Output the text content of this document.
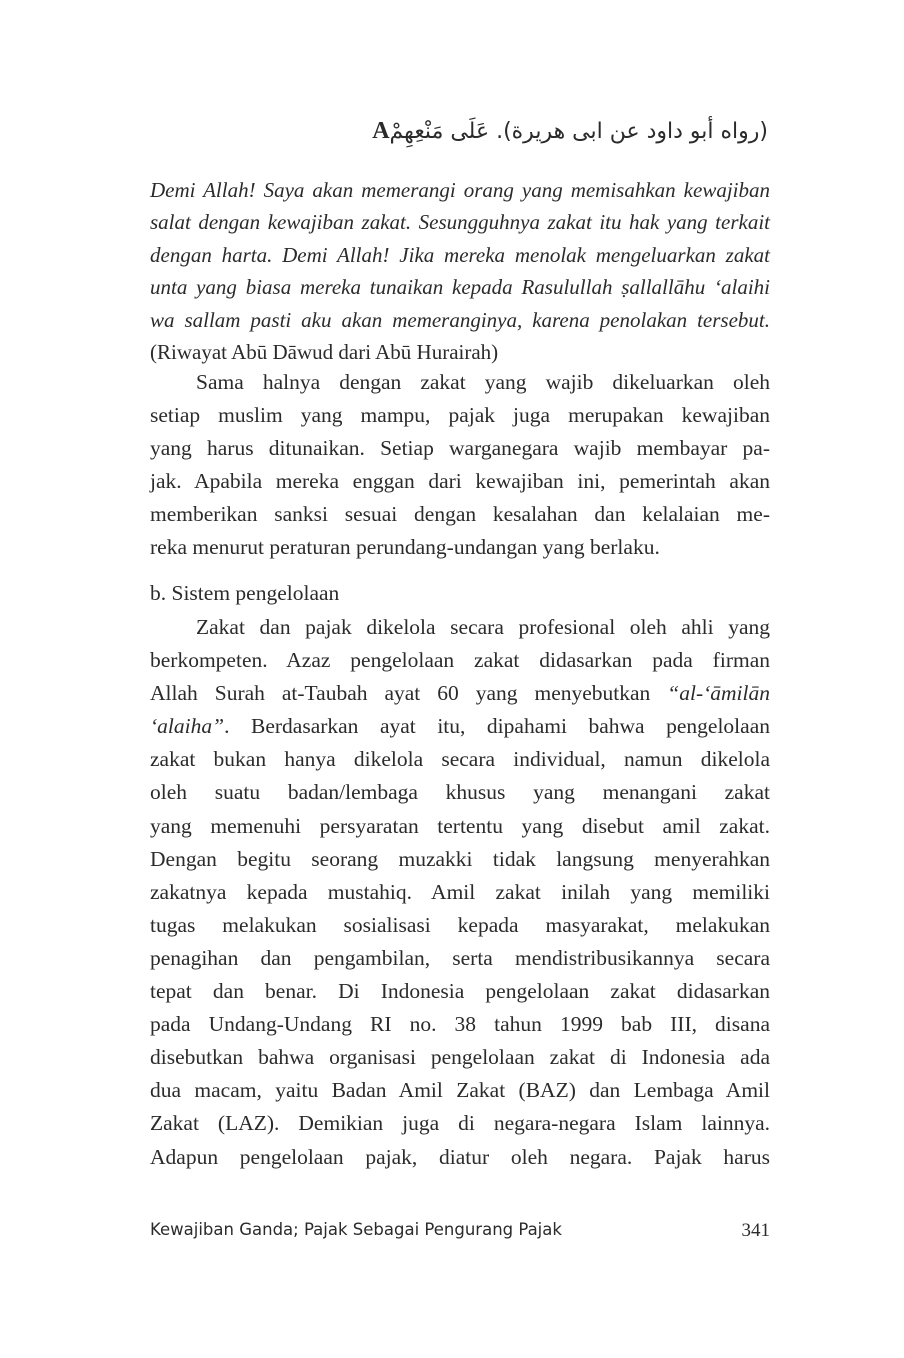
A(رواه أبو داود عن ابى هريرة). عَلَى مَنْعِهِمْ
Demi Allah! Saya akan memerangi orang yang memisahkan kewajiban salat dengan kewajiban zakat. Sesungguhnya zakat itu hak yang terkait dengan harta. Demi Allah! Jika mereka menolak mengeluarkan zakat unta yang biasa mereka tunaikan kepada Rasulullah ṣallallāhu ‘alaihi wa sallam pasti aku akan memeranginya, karena penolakan tersebut. (Riwayat Abū Dāwud dari Abū Hurairah)
Sama halnya dengan zakat yang wajib dikeluarkan oleh
setiap muslim yang mampu, pajak juga merupakan kewajiban
yang harus ditunaikan. Setiap warganegara wajib membayar pa-
jak. Apabila mereka enggan dari kewajiban ini, pemerintah akan
memberikan sanksi sesuai dengan kesalahan dan kelalaian me-
reka menurut peraturan perundang-undangan yang berlaku.
b. Sistem pengelolaan
Zakat dan pajak dikelola secara profesional oleh ahli yang
berkompeten. Azaz pengelolaan zakat didasarkan pada firman
Allah Surah at-Taubah ayat 60 yang menyebutkan “al-‘āmilān
‘alaiha”. Berdasarkan ayat itu, dipahami bahwa pengelolaan
zakat bukan hanya dikelola secara individual, namun dikelola
oleh suatu badan/lembaga khusus yang menangani zakat
yang memenuhi persyaratan tertentu yang disebut amil zakat.
Dengan begitu seorang muzakki tidak langsung menyerahkan
zakatnya kepada mustahiq. Amil zakat inilah yang memiliki
tugas melakukan sosialisasi kepada masyarakat, melakukan
penagihan dan pengambilan, serta mendistribusikannya secara
tepat dan benar. Di Indonesia pengelolaan zakat didasarkan
pada Undang-Undang RI no. 38 tahun 1999 bab III, disana
disebutkan bahwa organisasi pengelolaan zakat di Indonesia ada
dua macam, yaitu Badan Amil Zakat (BAZ) dan Lembaga Amil
Zakat (LAZ). Demikian juga di negara-negara Islam lainnya.
Adapun pengelolaan pajak, diatur oleh negara. Pajak harus
Kewajiban Ganda; Pajak Sebagai Pengurang Pajak	341
